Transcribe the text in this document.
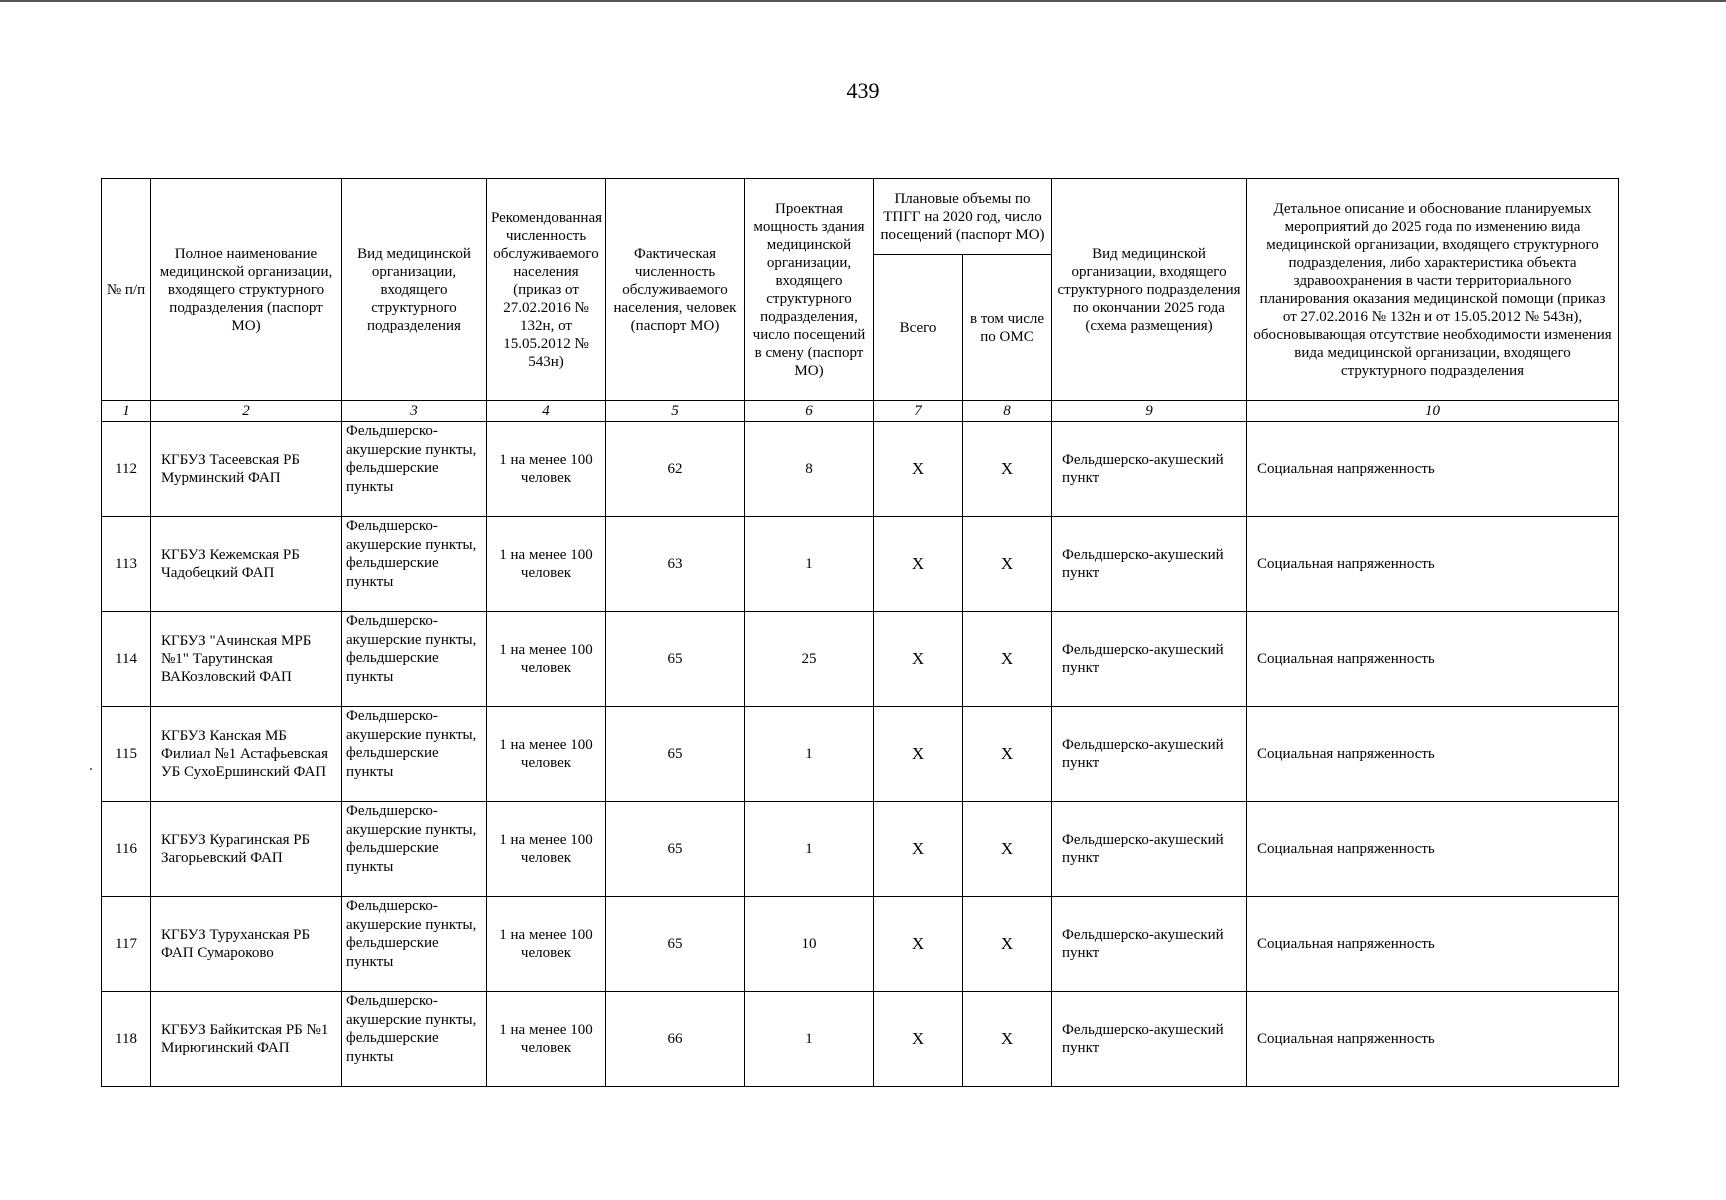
439
№ п/п	Полное наименование медицинской организации, входящего структурного подразделения (паспорт МО)	Вид медицинской организации, входящего структурного подразделения	Рекомендованная численность обслуживаемого населения (приказ от 27.02.2016 № 132н, от 15.05.2012 № 543н)	Фактическая численность обслуживаемого населения, человек (паспорт МО)	Проектная мощность здания медицинской организации, входящего структурного подразделения, число посещений в смену (паспорт МО)	Плановые объемы по ТПГГ на 2020 год, число посещений (паспорт МО)		Вид медицинской организации, входящего структурного подразделения по окончании 2025 года (схема размещения)	Детальное описание и обоснование планируемых мероприятий до 2025 года по изменению вида медицинской организации, входящего структурного подразделения, либо характеристика объекта здравоохранения в части территориального планирования оказания медицинской помощи (приказ от 27.02.2016 № 132н и от 15.05.2012 № 543н), обосновывающая отсутствие необходимости изменения вида медицинской организации, входящего структурного подразделения
						Всего	в том числе по ОМС		
1	2	3	4	5	6	7	8	9	10
112	КГБУЗ Тасеевская РБ Мурминский ФАП	Фельдшерско-акушерские пункты, фельдшерские пункты	1 на менее 100 человек	62	8	Х	Х	Фельдшерско-акушеский пункт	Социальная напряженность
113	КГБУЗ Кежемская РБ Чадобецкий ФАП	Фельдшерско-акушерские пункты, фельдшерские пункты	1 на менее 100 человек	63	1	Х	Х	Фельдшерско-акушеский пункт	Социальная напряженность
114	КГБУЗ "Ачинская МРБ №1" Тарутинская ВАКозловский ФАП	Фельдшерско-акушерские пункты, фельдшерские пункты	1 на менее 100 человек	65	25	Х	Х	Фельдшерско-акушеский пункт	Социальная напряженность
115	КГБУЗ Канская МБ Филиал №1 Астафьевская УБ СухоЕршинский ФАП	Фельдшерско-акушерские пункты, фельдшерские пункты	1 на менее 100 человек	65	1	Х	Х	Фельдшерско-акушеский пункт	Социальная напряженность
116	КГБУЗ Курагинская РБ Загорьевский ФАП	Фельдшерско-акушерские пункты, фельдшерские пункты	1 на менее 100 человек	65	1	Х	Х	Фельдшерско-акушеский пункт	Социальная напряженность
117	КГБУЗ Туруханская РБ ФАП Сумароково	Фельдшерско-акушерские пункты, фельдшерские пункты	1 на менее 100 человек	65	10	Х	Х	Фельдшерско-акушеский пункт	Социальная напряженность
118	КГБУЗ Байкитская РБ №1 Мирюгинский ФАП	Фельдшерско-акушерские пункты, фельдшерские пункты	1 на менее 100 человек	66	1	Х	Х	Фельдшерско-акушеский пункт	Социальная напряженность
